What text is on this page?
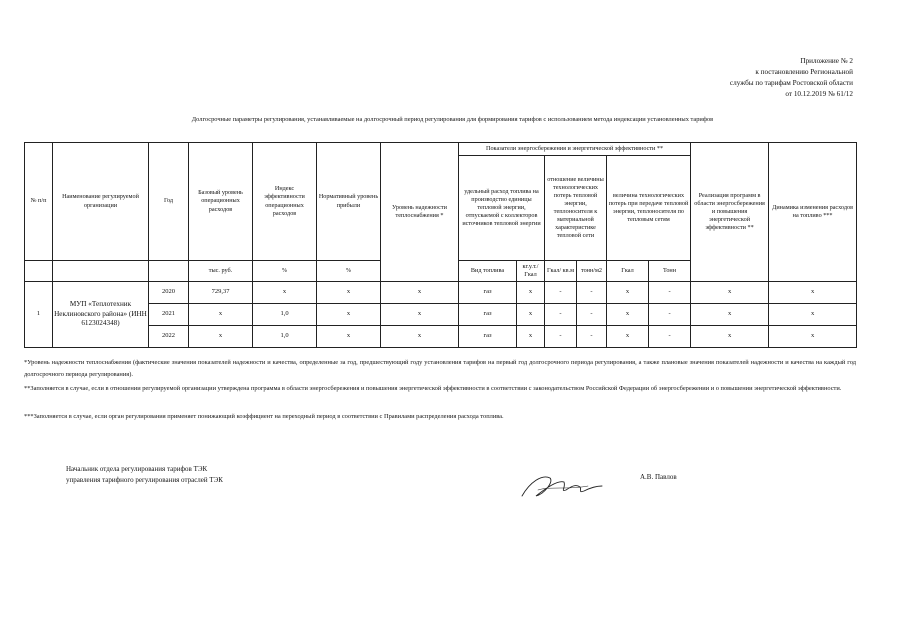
Приложение № 2
к постановлению Региональной
службы по тарифам Ростовской области
от 10.12.2019 № 61/12
Долгосрочные параметры регулирования, устанавливаемые на долгосрочный период регулирования для формирования тарифов с использованием метода индексации установленных тарифов
№ п/п	Наименование регулируемой организации	Год	Базовый уровень операционных расходов	Индекс эффективности операционных расходов	Нормативный уровень прибыли	Уровень надежности теплоснабжения *	Показатели энергосбережения и энергетической эффективности **						Реализация программ в области энергосбережения и повышения энергетической эффективности **	Динамика изменения расходов на топливо ***
							удельный расход топлива на производство единицы тепловой энергии, отпускаемой с коллекторов источников тепловой энергии		отношение величины технологических потерь тепловой энергии, теплоносителя к материальной характеристике тепловой сети		величина технологических потерь при передаче тепловой энергии, теплоносителя по тепловым сетям			
			тыс. руб.	%	%		Вид топлива	кг.у.т./Гкал	Гкал/ кв.м	тонн/м2	Гкал	Тонн		
1	МУП «Теплотехник Неклиновского района» (ИНН 6123024348)	2020	729,37	х	х	х	газ	х	-	-	х	-	х	х
		2021	х	1,0	х	х	газ	х	-	-	х	-	х	х
		2022	х	1,0	х	х	газ	х	-	-	х	-	х	х
*Уровень надежности теплоснабжения (фактические значения показателей надежности и качества, определенные за год, предшествующий году установления тарифов на первый год долгосрочного периода регулирования, а также плановые значения показателей надежности и качества на каждый год долгосрочного периода регулирования).
**Заполняется в случае, если в отношении регулируемой организации утверждена программа в области энергосбережения и повышения энергетической эффективности в соответствии с законодательством Российской Федерации об энергосбережении и о повышении энергетической эффективности.
***Заполняется в случае, если орган регулирования применяет понижающий коэффициент на переходный период в соответствии с Правилами распределения расхода топлива.
Начальник отдела регулирования тарифов ТЭК
управления тарифного регулирования отраслей ТЭК	А.В. Павлов
